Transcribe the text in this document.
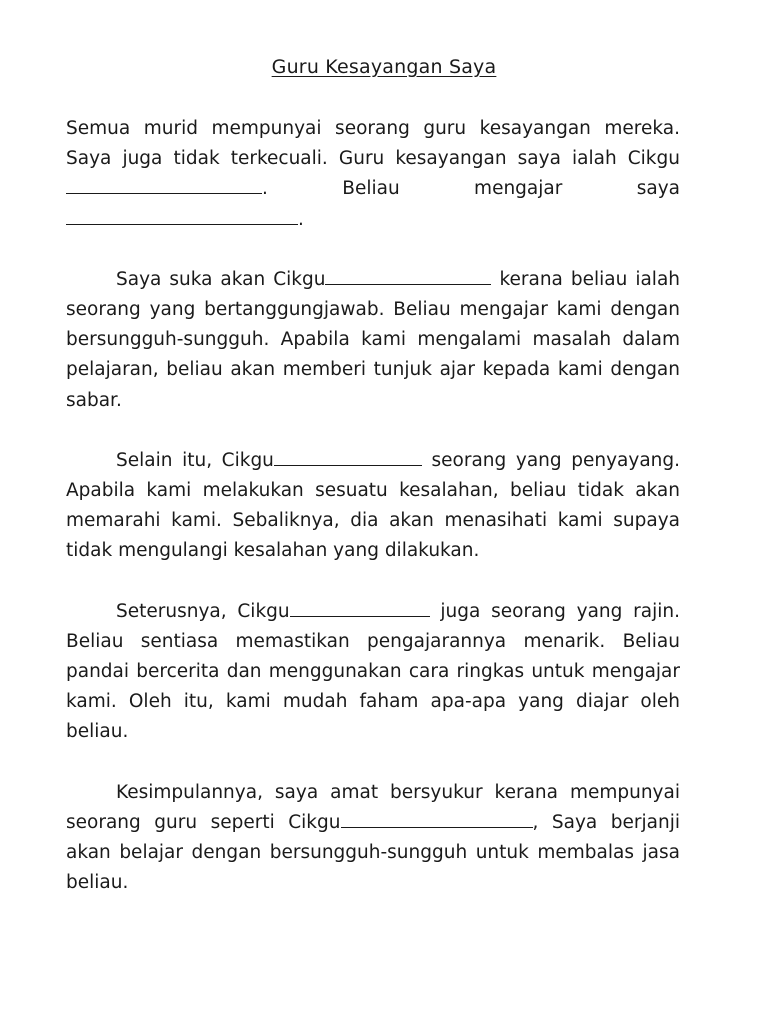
Guru Kesayangan Saya

Semua murid mempunyai seorang guru kesayangan mereka. Saya juga tidak terkecuali. Guru kesayangan saya ialah Cikgu. Beliau mengajar saya .

Saya suka akan Cikgu	kerana beliau ialah seorang yang bertanggungjawab. Beliau mengajar kami dengan bersungguh-sungguh. Apabila kami mengalami masalah dalam pelajaran, beliau akan memberi tunjuk ajar kepada kami dengan sabar.

Selain itu, Cikgu	seorang yang penyayang. Apabila kami melakukan sesuatu kesalahan, beliau tidak akan memarahi kami. Sebaliknya, dia akan menasihati kami supaya tidak mengulangi kesalahan yang dilakukan.

Seterusnya, Cikgu	juga seorang yang rajin. Beliau sentiasa memastikan pengajarannya menarik. Beliau pandai bercerita dan menggunakan cara ringkas untuk mengajar kami. Oleh itu, kami mudah faham apa-apa yang diajar oleh beliau.

Kesimpulannya, saya amat bersyukur kerana mempunyai seorang guru seperti Cikgu	, Saya berjanji akan belajar dengan bersungguh-sungguh untuk membalas jasa beliau.
